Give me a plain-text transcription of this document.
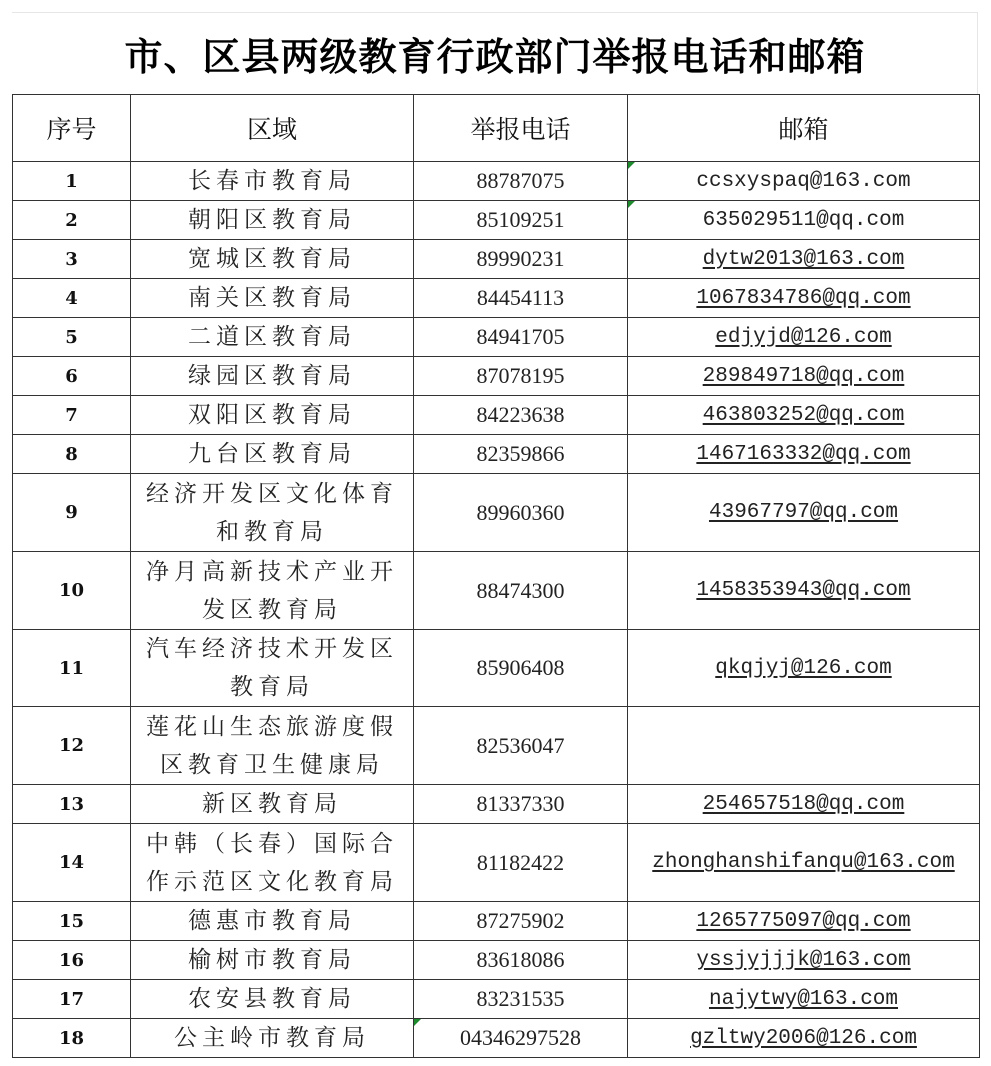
市、区县两级教育行政部门举报电话和邮箱
序号	区域	举报电话	邮箱
1	长春市教育局	88787075	ccsxyspaq@163.com

2	朝阳区教育局	85109251	635029511@qq.com

3	宽城区教育局	89990231	dytw2013@163.com
4	南关区教育局	84454113	1067834786@qq.com
5	二道区教育局	84941705	edjyjd@126.com
6	绿园区教育局	87078195	289849718@qq.com
7	双阳区教育局	84223638	463803252@qq.com
8	九台区教育局	82359866	1467163332@qq.com
9	经济开发区文化体育和教育局	89960360	43967797@qq.com
10	净月高新技术产业开发区教育局	88474300	1458353943@qq.com
11	汽车经济技术开发区教育局	85906408	qkqjyj@126.com
12	莲花山生态旅游度假区教育卫生健康局	82536047	
13	新区教育局	81337330	254657518@qq.com
14	中韩（长春）国际合作示范区文化教育局	81182422	zhonghanshifanqu@163.com
15	德惠市教育局	87275902	1265775097@qq.com
16	榆树市教育局	83618086	yssjyjjjk@163.com
17	农安县教育局	83231535	najytwy@163.com
18	公主岭市教育局	04346297528	gzltwy2006@126.com
